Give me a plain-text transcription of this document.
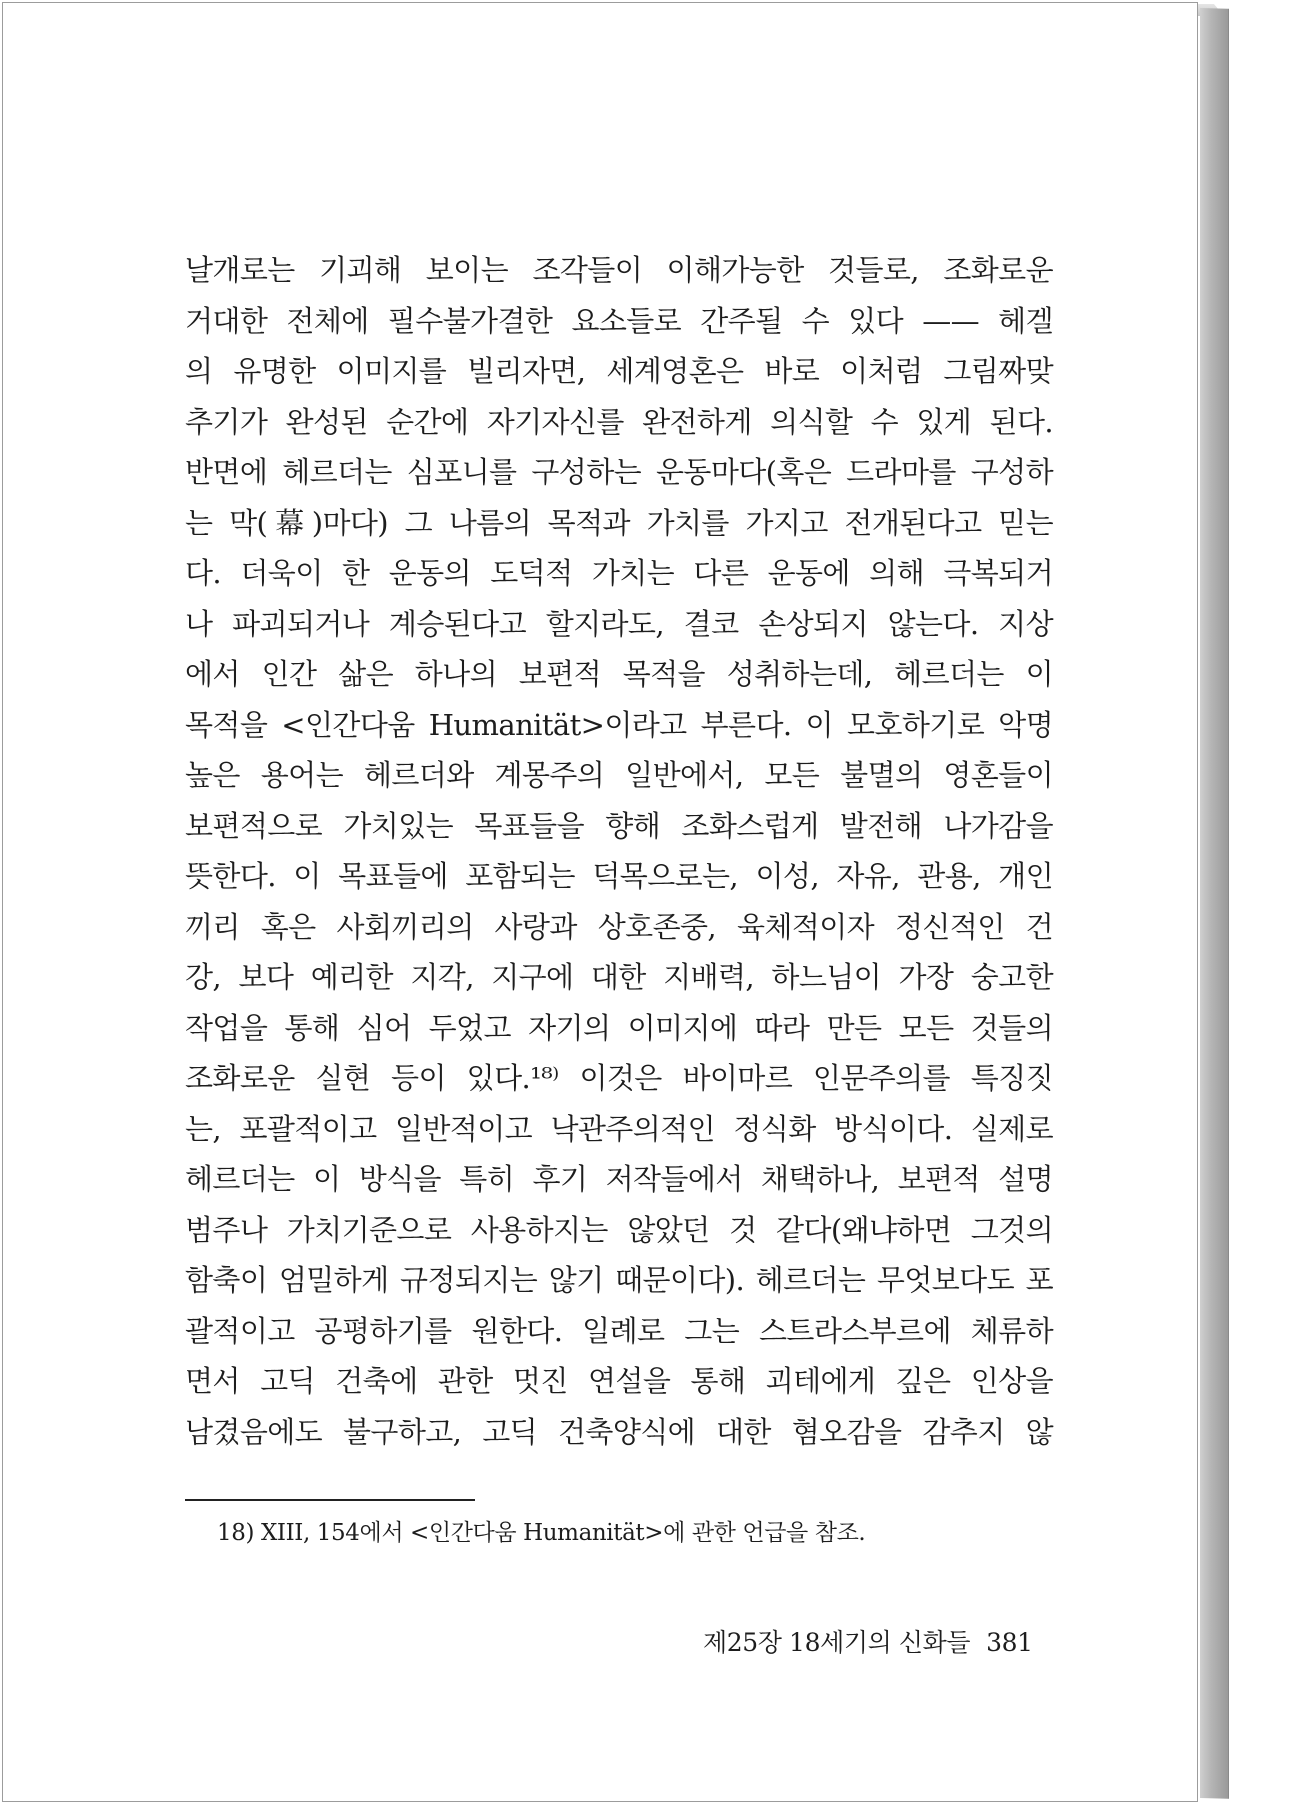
날개로는 기괴해 보이는 조각들이 이해가능한 것들로, 조화로운
거대한 전체에 필수불가결한 요소들로 간주될 수 있다 —— 헤겔
의 유명한 이미지를 빌리자면, 세계영혼은 바로 이처럼 그림짜맞
추기가 완성된 순간에 자기자신를 완전하게 의식할 수 있게 된다.
반면에 헤르더는 심포니를 구성하는 운동마다(혹은 드라마를 구성하
는 막(幕)마다) 그 나름의 목적과 가치를 가지고 전개된다고 믿는
다. 더욱이 한 운동의 도덕적 가치는 다른 운동에 의해 극복되거
나 파괴되거나 계승된다고 할지라도, 결코 손상되지 않는다. 지상
에서 인간 삶은 하나의 보편적 목적을 성취하는데, 헤르더는 이
목적을 <인간다움 Humanität>이라고 부른다. 이 모호하기로 악명
높은 용어는 헤르더와 계몽주의 일반에서, 모든 불멸의 영혼들이
보편적으로 가치있는 목표들을 향해 조화스럽게 발전해 나가감을
뜻한다. 이 목표들에 포함되는 덕목으로는, 이성, 자유, 관용, 개인
끼리 혹은 사회끼리의 사랑과 상호존중, 육체적이자 정신적인 건
강, 보다 예리한 지각, 지구에 대한 지배력, 하느님이 가장 숭고한
작업을 통해 심어 두었고 자기의 이미지에 따라 만든 모든 것들의
조화로운 실현 등이 있다.¹⁸⁾ 이것은 바이마르 인문주의를 특징짓
는, 포괄적이고 일반적이고 낙관주의적인 정식화 방식이다. 실제로
헤르더는 이 방식을 특히 후기 저작들에서 채택하나, 보편적 설명
범주나 가치기준으로 사용하지는 않았던 것 같다(왜냐하면 그것의
함축이 엄밀하게 규정되지는 않기 때문이다). 헤르더는 무엇보다도 포
괄적이고 공평하기를 원한다. 일례로 그는 스트라스부르에 체류하
면서 고딕 건축에 관한 멋진 연설을 통해 괴테에게 깊은 인상을
남겼음에도 불구하고, 고딕 건축양식에 대한 혐오감을 감추지 않

18) XIII, 154에서 <인간다움 Humanität>에 관한 언급을 참조.

제25장 18세기의 신화들 381
